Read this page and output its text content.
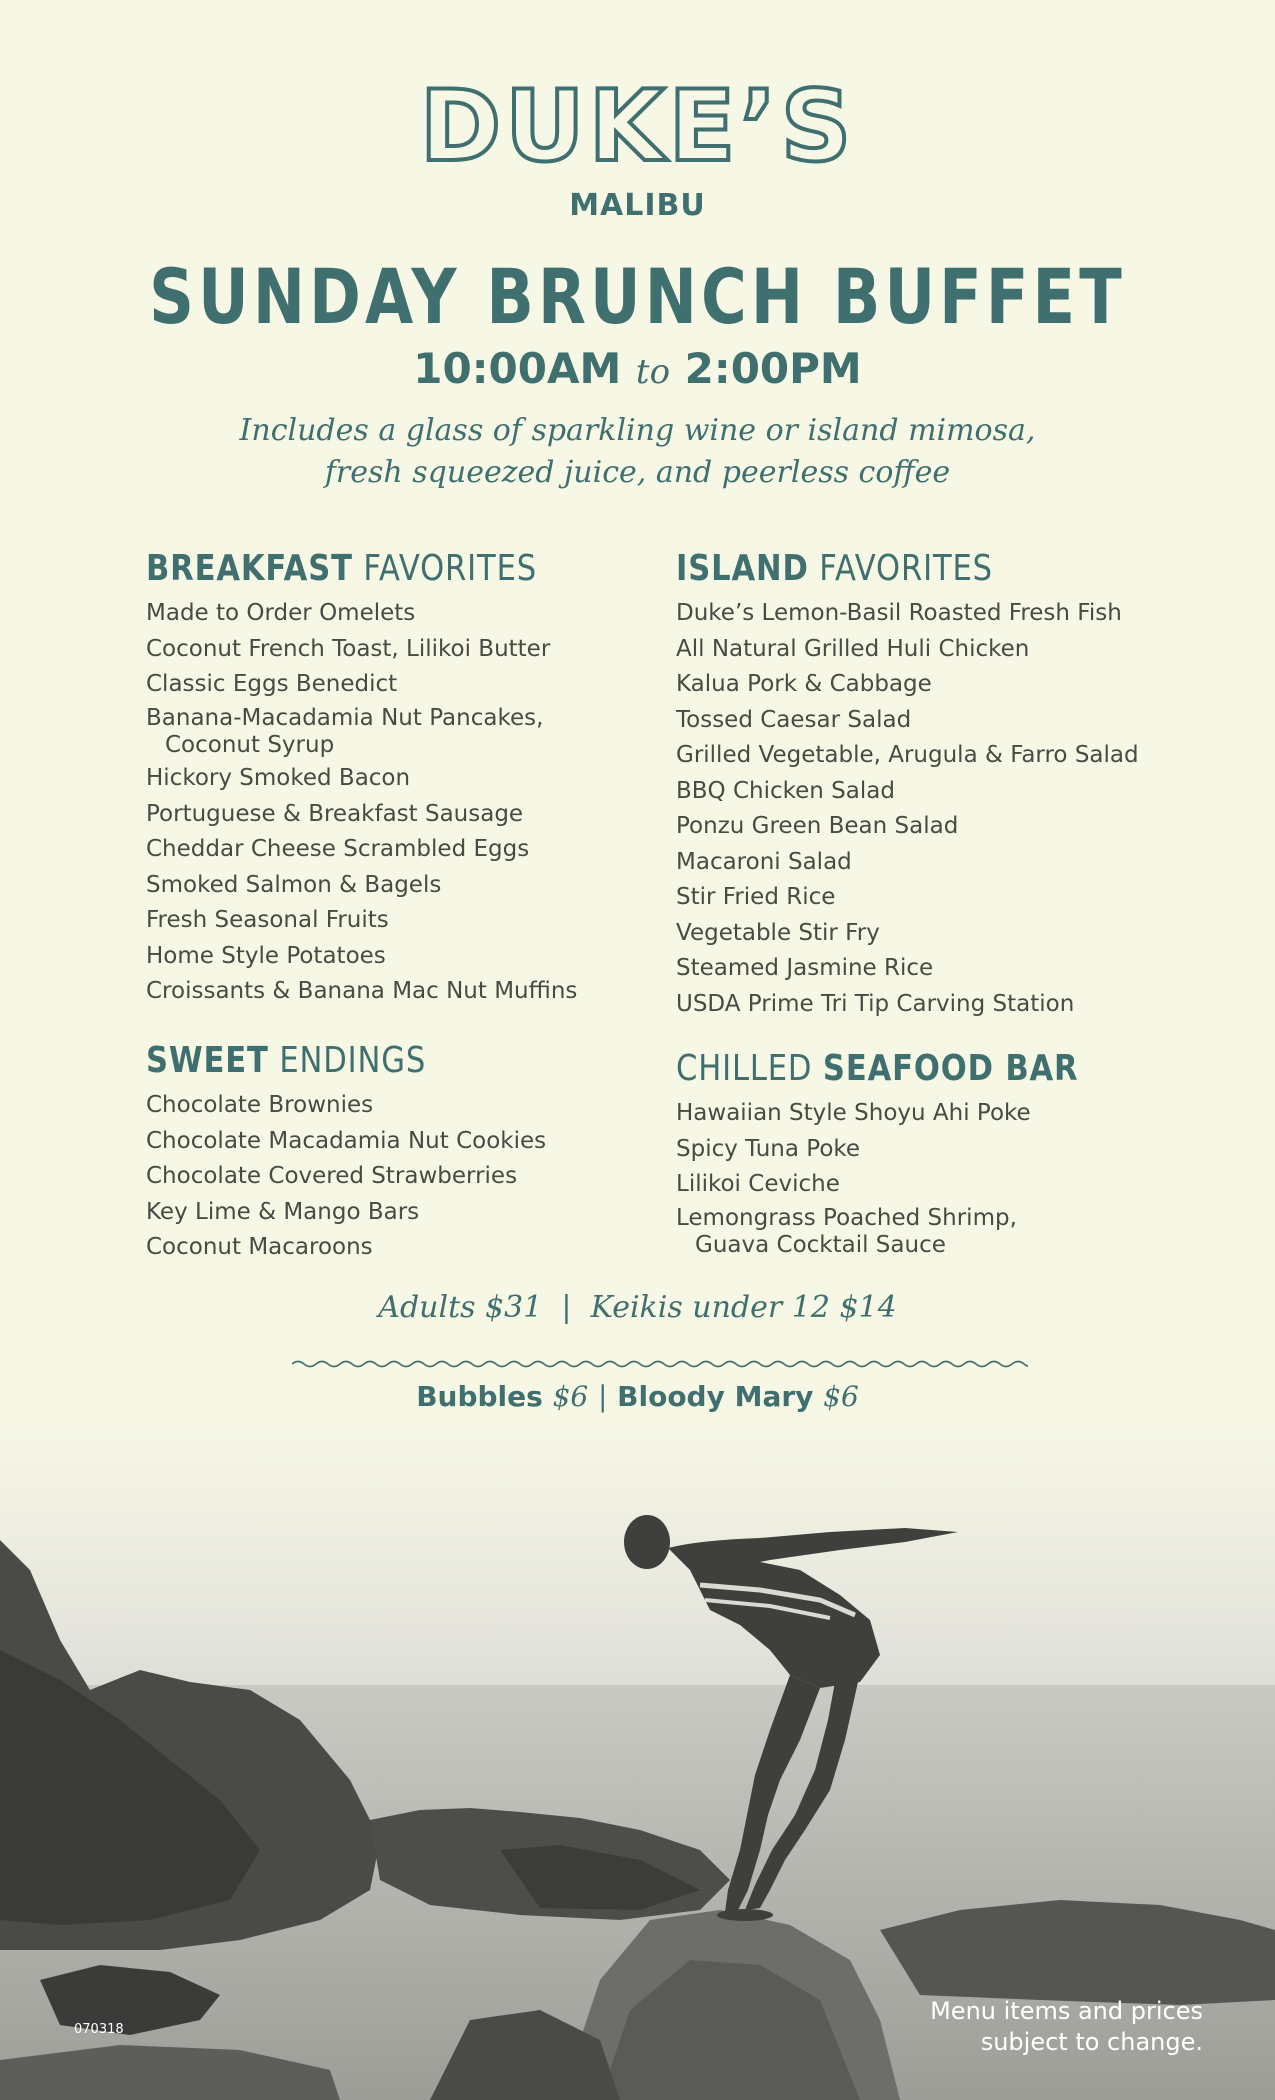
DUKE’S
MALIBU
SUNDAY BRUNCH BUFFET
10:00AM to 2:00PM
Includes a glass of sparkling wine or island mimosa,
fresh squeezed juice, and peerless coffee
BREAKFAST FAVORITES
Made to Order Omelets
Coconut French Toast, Lilikoi Butter
Classic Eggs Benedict
Banana-Macadamia Nut Pancakes,
Coconut Syrup
Hickory Smoked Bacon
Portuguese & Breakfast Sausage
Cheddar Cheese Scrambled Eggs
Smoked Salmon & Bagels
Fresh Seasonal Fruits
Home Style Potatoes
Croissants & Banana Mac Nut Muffins
SWEET ENDINGS
Chocolate Brownies
Chocolate Macadamia Nut Cookies
Chocolate Covered Strawberries
Key Lime & Mango Bars
Coconut Macaroons
ISLAND FAVORITES
Duke’s Lemon-Basil Roasted Fresh Fish
All Natural Grilled Huli Chicken
Kalua Pork & Cabbage
Tossed Caesar Salad
Grilled Vegetable, Arugula & Farro Salad
BBQ Chicken Salad
Ponzu Green Bean Salad
Macaroni Salad
Stir Fried Rice
Vegetable Stir Fry
Steamed Jasmine Rice
USDA Prime Tri Tip Carving Station
CHILLED SEAFOOD BAR
Hawaiian Style Shoyu Ahi Poke
Spicy Tuna Poke
Lilikoi Ceviche
Lemongrass Poached Shrimp,
Guava Cocktail Sauce
Adults $31 | Keikis under 12 $14
Bubbles $6 | Bloody Mary $6
070318
Menu items and prices
subject to change.
